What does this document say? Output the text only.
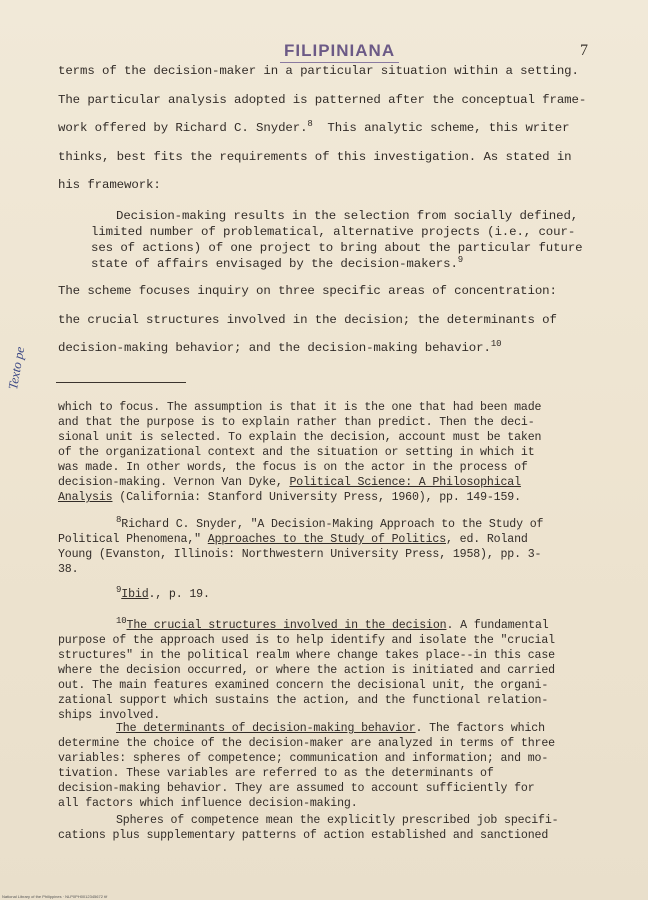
FILIPINIANA	7
terms of the decision-maker in a particular situation within a setting.
The particular analysis adopted is patterned after the conceptual frame-
work offered by Richard C. Snyder.$^8$ This analytic scheme, this writer
thinks, best fits the requirements of this investigation. As stated in
his framework:
Decision-making results in the selection from socially defined,
limited number of problematical, alternative projects (i.e., cour-
ses of actions) of one project to bring about the particular future
state of affairs envisaged by the decision-makers.$^9$
The scheme focuses inquiry on three specific areas of concentration:
the crucial structures involved in the decision; the determinants of
decision-making behavior; and the decision-making behavior.$^{10}$
Texto pe
which to focus. The assumption is that it is the one that had been made
and that the purpose is to explain rather than predict. Then the deci-
sional unit is selected. To explain the decision, account must be taken
of the organizational context and the situation or setting in which it
was made. In other words, the focus is on the actor in the process of
decision-making. Vernon Van Dyke, Political Science: A Philosophical
Analysis (California: Stanford University Press, 1960), pp. 149-159.
$^8$Richard C. Snyder, "A Decision-Making Approach to the Study of
Political Phenomena," Approaches to the Study of Politics, ed. Roland
Young (Evanston, Illinois: Northwestern University Press, 1958), pp. 3-
38.
$^9$Ibid., p. 19.
$^{10}$The crucial structures involved in the decision. A fundamental
purpose of the approach used is to help identify and isolate the "crucial
structures" in the political realm where change takes place--in this case
where the decision occurred, or where the action is initiated and carried
out. The main features examined concern the decisional unit, the organi-
zational support which sustains the action, and the functional relation-
ships involved.
The determinants of decision-making behavior. The factors which
determine the choice of the decision-maker are analyzed in terms of three
variables: spheres of competence; communication and information; and mo-
tivation. These variables are referred to as the determinants of
decision-making behavior. They are assumed to account sufficiently for
all factors which influence decision-making.
Spheres of competence mean the explicitly prescribed job specifi-
cations plus supplementary patterns of action established and sanctioned
National Library of the Philippines · NLP0PH0012345672 tif
